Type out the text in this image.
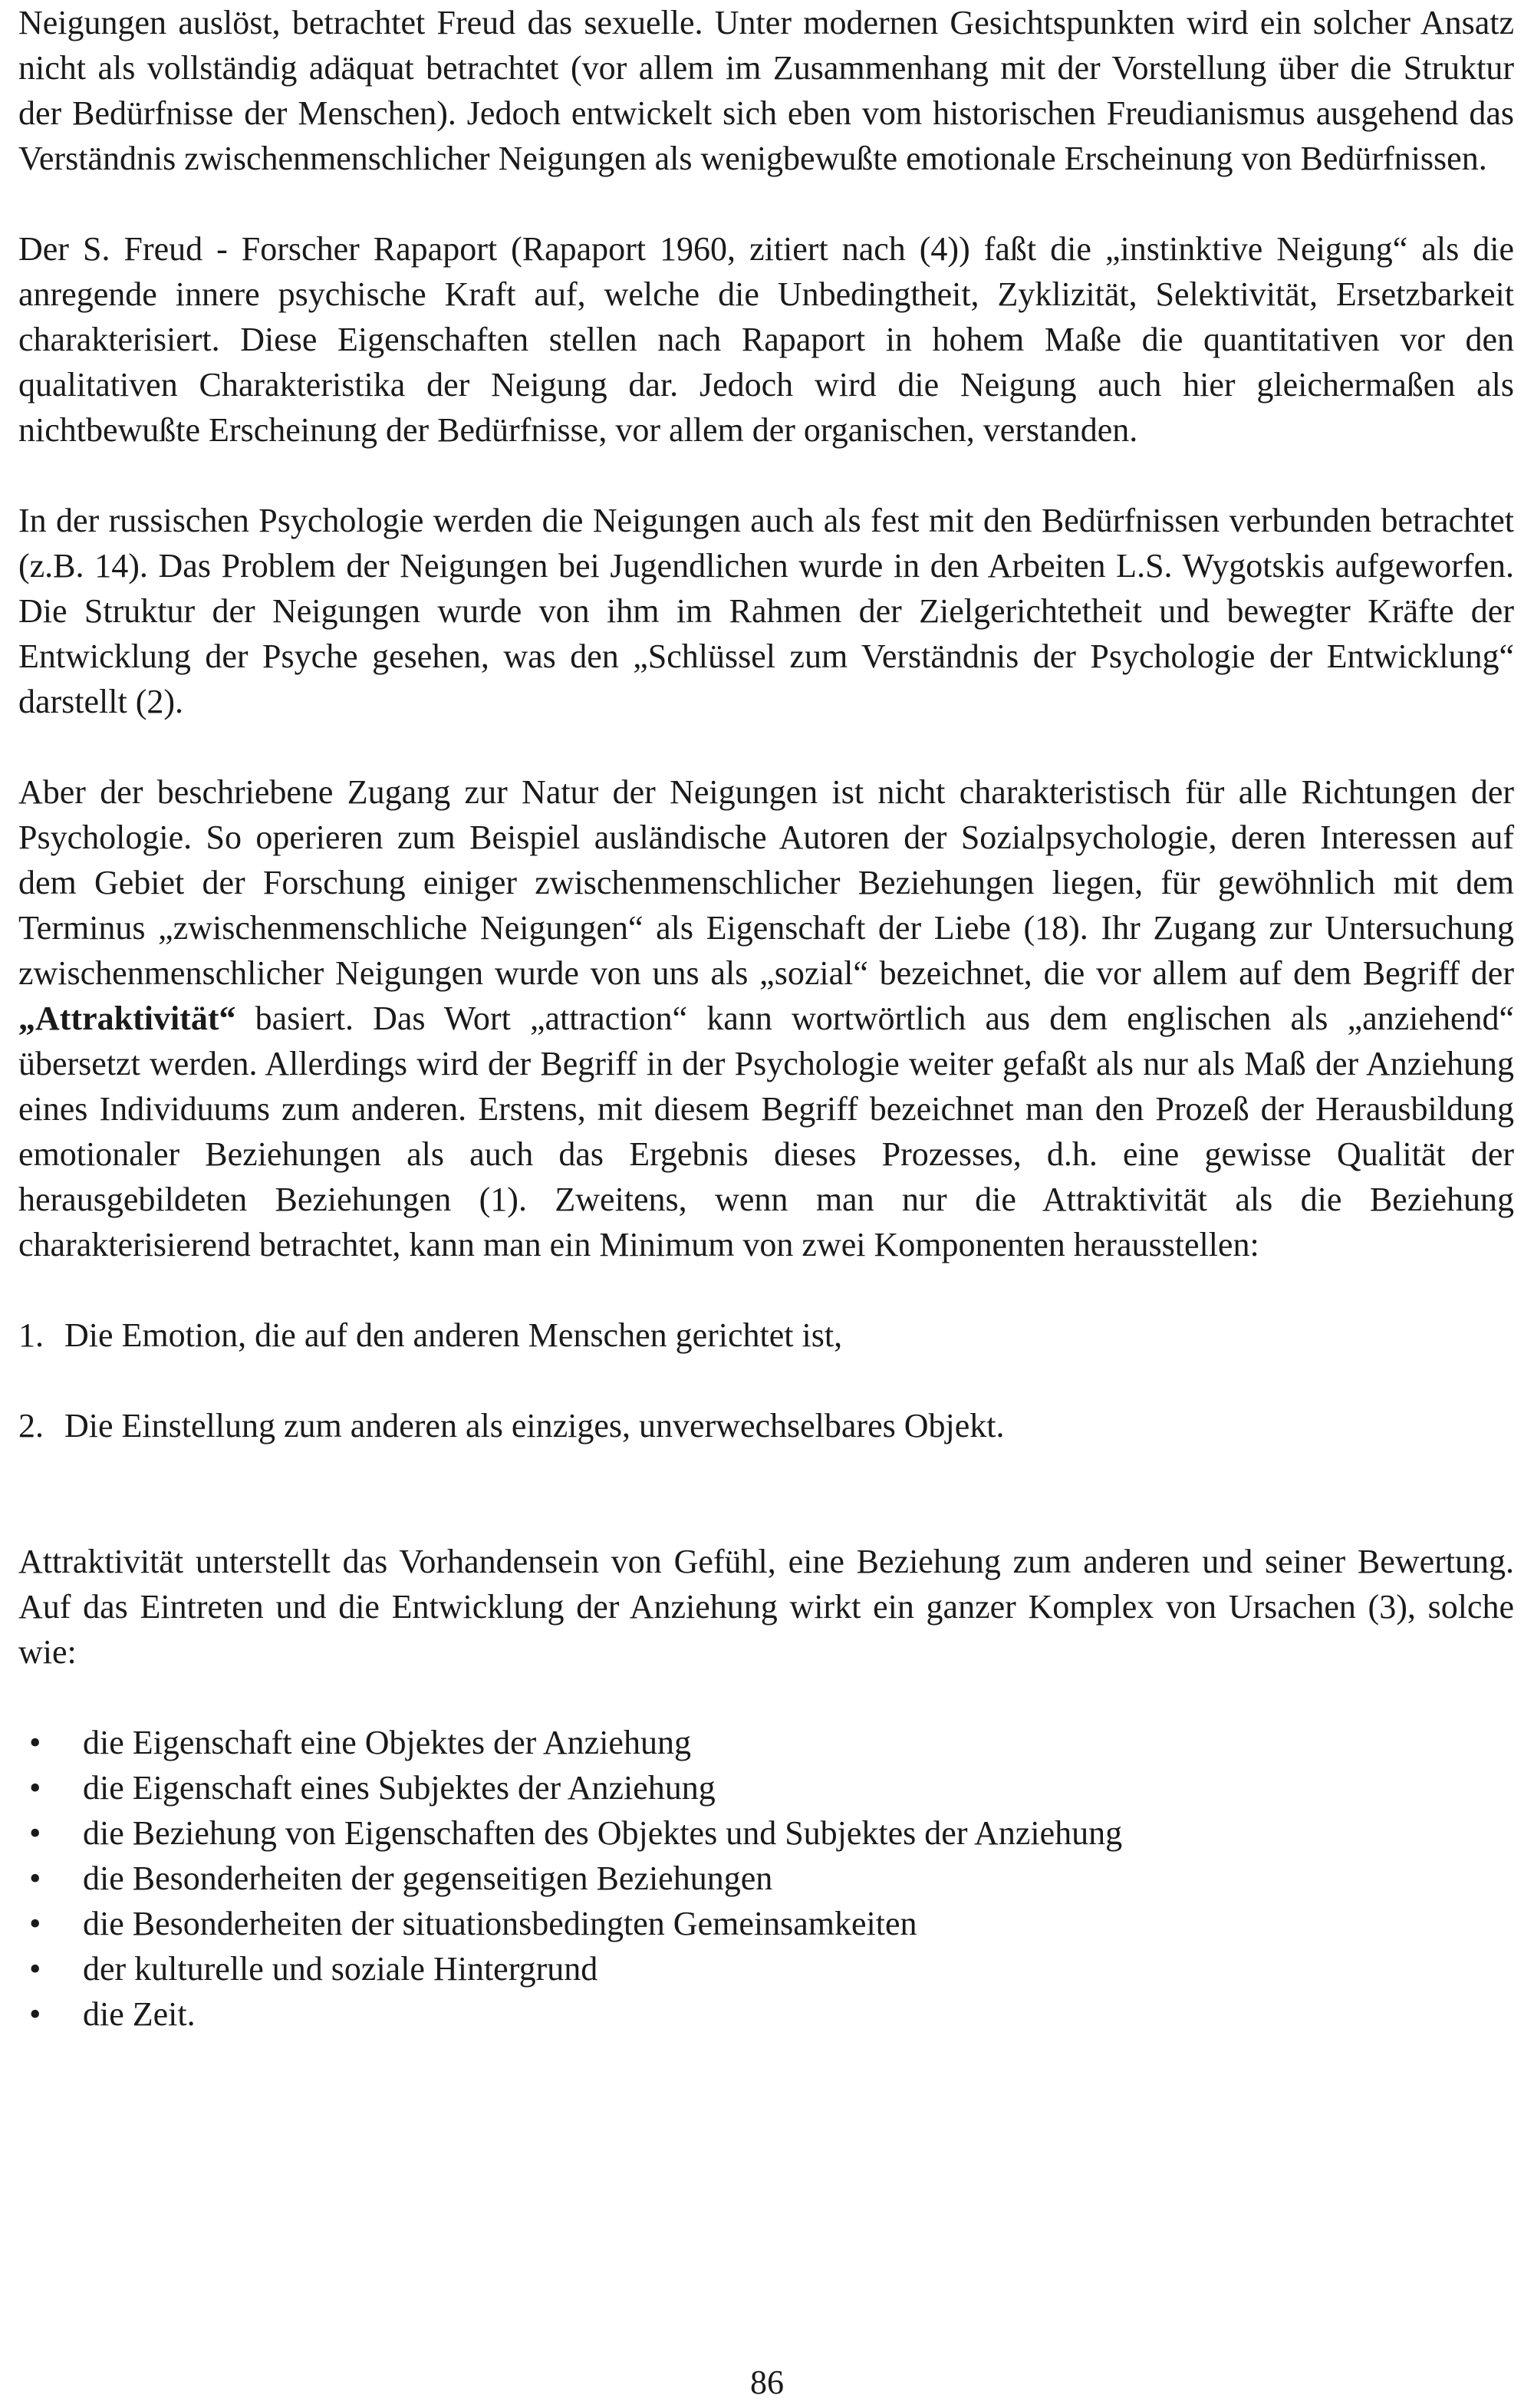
Neigungen auslöst, betrachtet Freud das sexuelle. Unter modernen Gesichtspunkten wird ein solcher Ansatz nicht als vollständig adäquat betrachtet (vor allem im Zusammenhang mit der Vorstellung über die Struktur der Bedürfnisse der Menschen). Jedoch entwickelt sich eben vom historischen Freudianismus ausgehend das Verständnis zwischenmenschlicher Neigungen als wenigbewußte emotionale Erscheinung von Bedürfnissen.

Der S. Freud - Forscher Rapaport (Rapaport 1960, zitiert nach (4)) faßt die „instinktive Neigung“ als die anregende innere psychische Kraft auf, welche die Unbedingtheit, Zyklizität, Selektivität, Ersetzbarkeit charakterisiert. Diese Eigenschaften stellen nach Rapaport in hohem Maße die quantitativen vor den qualitativen Charakteristika der Neigung dar. Jedoch wird die Neigung auch hier gleichermaßen als nichtbewußte Erscheinung der Bedürfnisse, vor allem der organischen, verstanden.

In der russischen Psychologie werden die Neigungen auch als fest mit den Bedürfnissen verbunden betrachtet (z.B. 14). Das Problem der Neigungen bei Jugendlichen wurde in den Arbeiten L.S. Wygotskis aufgeworfen. Die Struktur der Neigungen wurde von ihm im Rahmen der Zielgerichtetheit und bewegter Kräfte der Entwicklung der Psyche gesehen, was den „Schlüssel zum Verständnis der Psychologie der Entwicklung“ darstellt (2).

Aber der beschriebene Zugang zur Natur der Neigungen ist nicht charakteristisch für alle Richtungen der Psychologie. So operieren zum Beispiel ausländische Autoren der Sozialpsychologie, deren Interessen auf dem Gebiet der Forschung einiger zwischenmenschlicher Beziehungen liegen, für gewöhnlich mit dem Terminus „zwischenmenschliche Neigungen“ als Eigenschaft der Liebe (18). Ihr Zugang zur Untersuchung zwischenmenschlicher Neigungen wurde von uns als „sozial“ bezeichnet, die vor allem auf dem Begriff der „Attraktivität“ basiert. Das Wort „attraction“ kann wortwörtlich aus dem englischen als „anziehend“ übersetzt werden. Allerdings wird der Begriff in der Psychologie weiter gefaßt als nur als Maß der Anziehung eines Individuums zum anderen. Erstens, mit diesem Begriff bezeichnet man den Prozeß der Herausbildung emotionaler Beziehungen als auch das Ergebnis dieses Prozesses, d.h. eine gewisse Qualität der herausgebildeten Beziehungen (1). Zweitens, wenn man nur die Attraktivität als die Beziehung charakterisierend betrachtet, kann man ein Minimum von zwei Komponenten herausstellen:

1. Die Emotion, die auf den anderen Menschen gerichtet ist,
2. Die Einstellung zum anderen als einziges, unverwechselbares Objekt.

Attraktivität unterstellt das Vorhandensein von Gefühl, eine Beziehung zum anderen und seiner Bewertung. Auf das Eintreten und die Entwicklung der Anziehung wirkt ein ganzer Komplex von Ursachen (3), solche wie:

•	die Eigenschaft eine Objektes der Anziehung
•	die Eigenschaft eines Subjektes der Anziehung
•	die Beziehung von Eigenschaften des Objektes und Subjektes der Anziehung
•	die Besonderheiten der gegenseitigen Beziehungen
•	die Besonderheiten der situationsbedingten Gemeinsamkeiten
•	der kulturelle und soziale Hintergrund
•	die Zeit.
86
